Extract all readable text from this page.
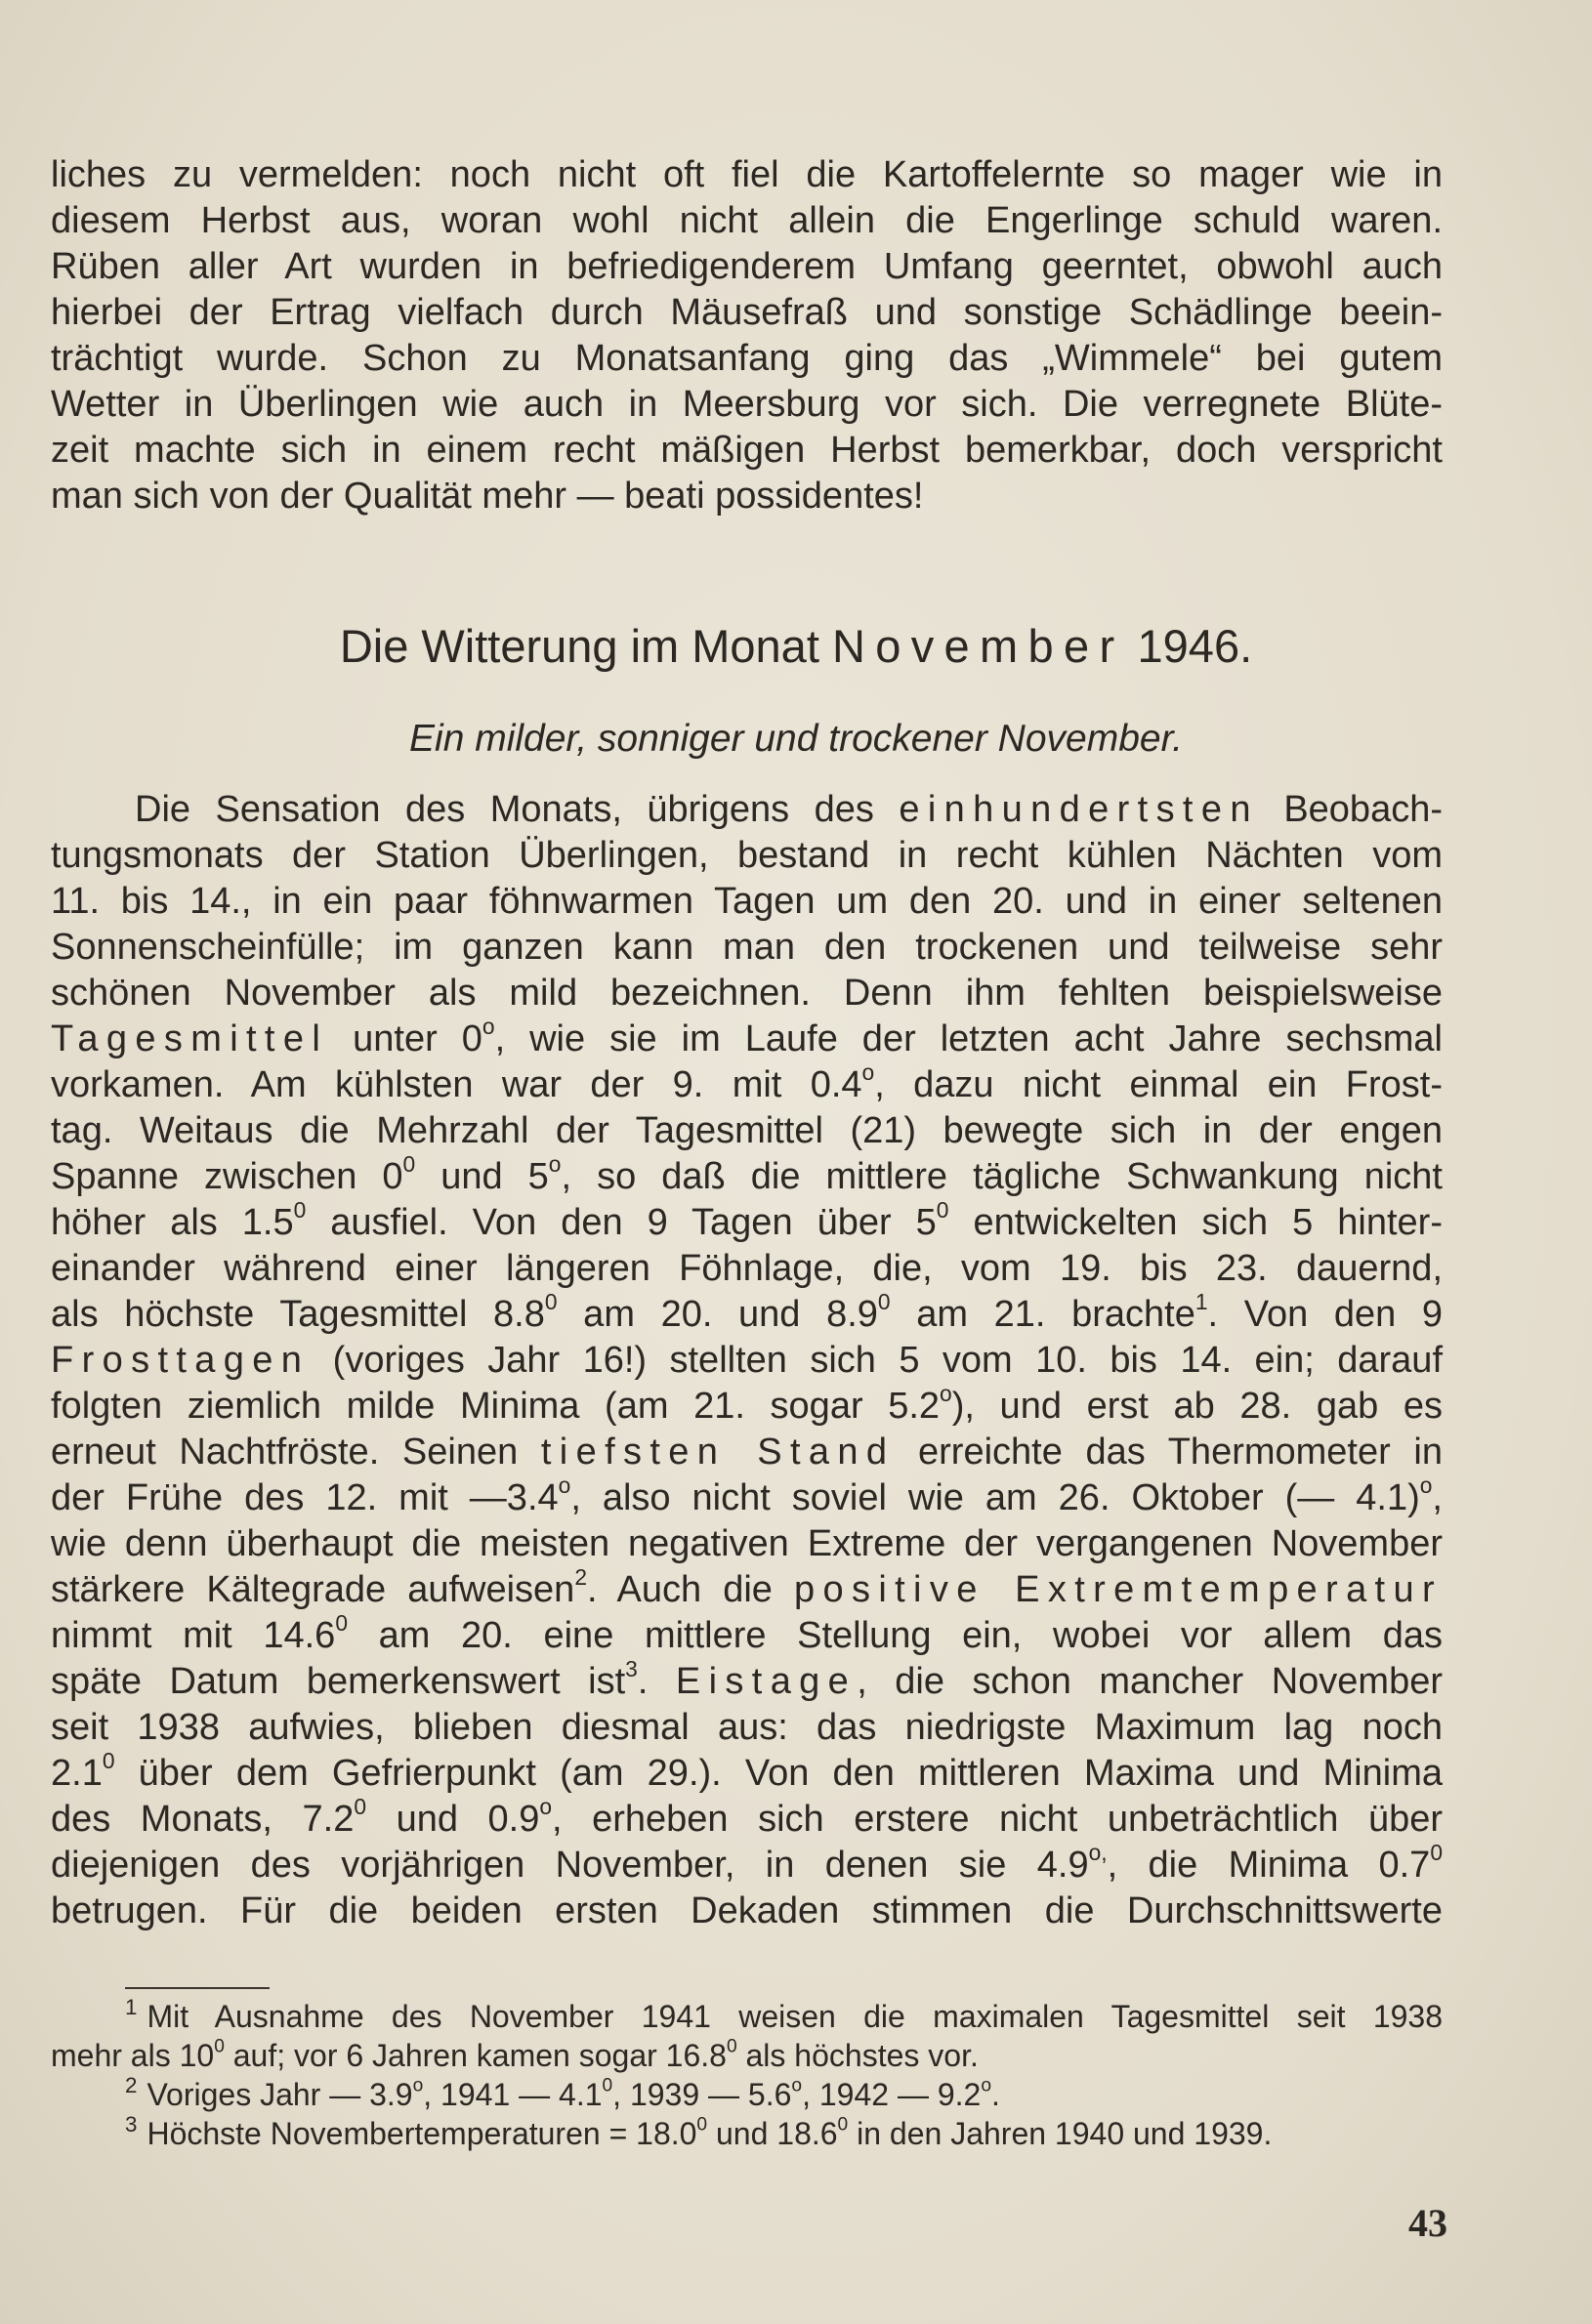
liches zu vermelden: noch nicht oft fiel die Kartoffelernte so mager wie in

diesem Herbst aus, woran wohl nicht allein die Engerlinge schuld waren.

Rüben aller Art wurden in befriedigenderem Umfang geerntet, obwohl auch

hierbei der Ertrag vielfach durch Mäusefraß und sonstige Schädlinge beein-

trächtigt wurde. Schon zu Monatsanfang ging das „Wimmele“ bei gutem

Wetter in Überlingen wie auch in Meersburg vor sich. Die verregnete Blüte-

zeit machte sich in einem recht mäßigen Herbst bemerkbar, doch verspricht

man sich von der Qualität mehr — beati possidentes!

Die Witterung im Monat November 1946.

Ein milder, sonniger und trockener November.

Die Sensation des Monats, übrigens des einhundertsten Beobach-

tungsmonats der Station Überlingen, bestand in recht kühlen Nächten vom

11. bis 14., in ein paar föhnwarmen Tagen um den 20. und in einer seltenen

Sonnenscheinfülle; im ganzen kann man den trockenen und teilweise sehr

schönen November als mild bezeichnen. Denn ihm fehlten beispielsweise

Tagesmittel unter 0$^o$, wie sie im Laufe der letzten acht Jahre sechsmal

vorkamen. Am kühlsten war der 9. mit 0.4$^o$, dazu nicht einmal ein Frost-

tag. Weitaus die Mehrzahl der Tagesmittel (21) bewegte sich in der engen

Spanne zwischen $0^0$ und 5$^o$, so daß die mittlere tägliche Schwankung nicht

höher als $1.5^0$ ausfiel. Von den 9 Tagen über $5^0$ entwickelten sich 5 hinter-

einander während einer längeren Föhnlage, die, vom 19. bis 23. dauernd,

als höchste Tagesmittel $8.8^0$ am 20. und $8.9^0$ am 21. brachte$^1$. Von den 9

Frosttagen (voriges Jahr 16!) stellten sich 5 vom 10. bis 14. ein; darauf

folgten ziemlich milde Minima (am 21. sogar 5.2$^o$), und erst ab 28. gab es

erneut Nachtfröste. Seinen tiefsten Stand erreichte das Thermometer in

der Frühe des 12. mit —3.4$^o$, also nicht soviel wie am 26. Oktober (— 4.1)$^o$,

wie denn überhaupt die meisten negativen Extreme der vergangenen November

stärkere Kältegrade aufweisen$^2$. Auch die positive Extremtemperatur

nimmt mit 14.6$^0$ am 20. eine mittlere Stellung ein, wobei vor allem das

späte Datum bemerkenswert ist$^3$. Eistage, die schon mancher November

seit 1938 aufwies, blieben diesmal aus: das niedrigste Maximum lag noch

$2.1^0$ über dem Gefrierpunkt (am 29.). Von den mittleren Maxima und Minima

des Monats, $7.2^0$ und 0.9$^o$, erheben sich erstere nicht unbeträchtlich über

diejenigen des vorjährigen November, in denen sie $4.9^{o,}$, die Minima $0.7^0$

betrugen. Für die beiden ersten Dekaden stimmen die Durchschnittswerte

$^1$ Mit Ausnahme des November 1941 weisen die maximalen Tagesmittel seit 1938

mehr als $10^0$ auf; vor 6 Jahren kamen sogar 16.8$^0$ als höchstes vor.

$^2$ Voriges Jahr — 3.9$^o$, 1941 — $4.1^0$, 1939 — 5.6$^o$, 1942 — 9.2$^o$.

$^3$ Höchste Novembertemperaturen = $18.0^0$ und 18.6$^0$ in den Jahren 1940 und 1939.

43
